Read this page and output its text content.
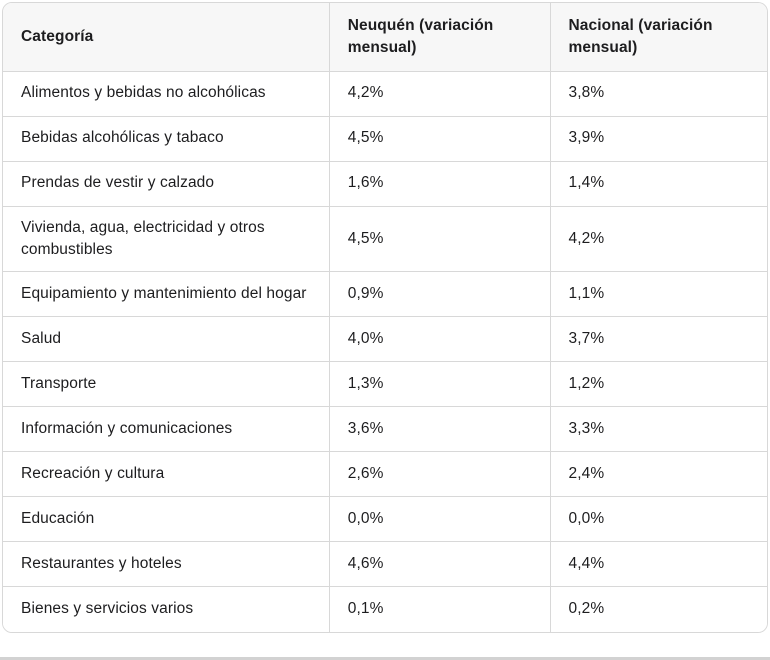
Categoría	Neuquén (variación mensual)	Nacional (variación mensual)
Alimentos y bebidas no alcohólicas	4,2%	3,8%
Bebidas alcohólicas y tabaco	4,5%	3,9%
Prendas de vestir y calzado	1,6%	1,4%
Vivienda, agua, electricidad y otros combustibles	4,5%	4,2%
Equipamiento y mantenimiento del hogar	0,9%	1,1%
Salud	4,0%	3,7%
Transporte	1,3%	1,2%
Información y comunicaciones	3,6%	3,3%
Recreación y cultura	2,6%	2,4%
Educación	0,0%	0,0%
Restaurantes y hoteles	4,6%	4,4%
Bienes y servicios varios	0,1%	0,2%
